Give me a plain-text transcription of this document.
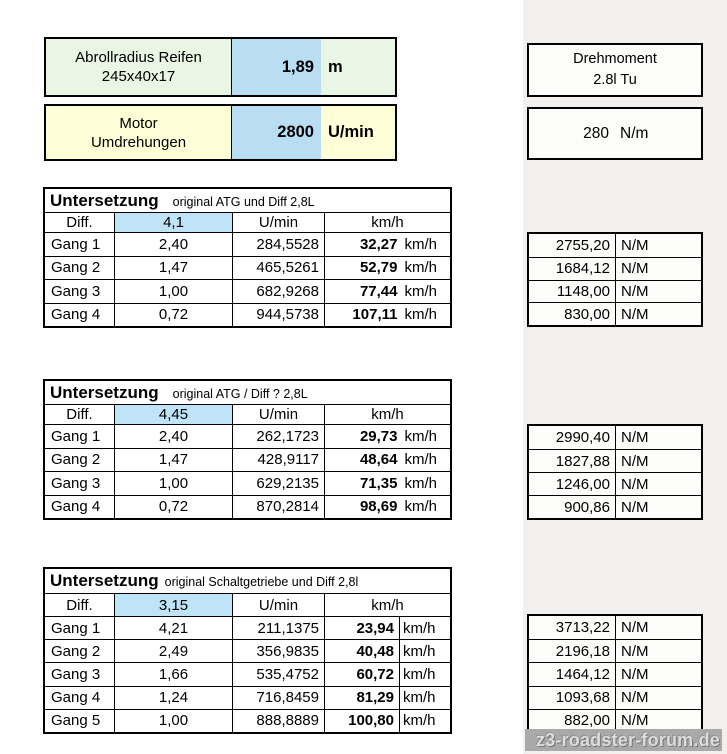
Abrollradius Reifen
245x40x17
1,89 m
Motor
Umdrehungen
2800 U/min
Drehmoment
2.8l Tu
280 N/m
Untersetzung original ATG und Diff 2,8L
Diff.	4,1	U/min	km/h
Gang 1	2,40	284,5528	32,27 km/h
Gang 2	1,47	465,5261	52,79 km/h
Gang 3	1,00	682,9268	77,44 km/h
Gang 4	0,72	944,5738	107,11 km/h
2755,20 N/M
1684,12 N/M
1148,00 N/M
830,00 N/M
Untersetzung original ATG / Diff ? 2,8L
Diff.	4,45	U/min	km/h
Gang 1	2,40	262,1723	29,73 km/h
Gang 2	1,47	428,9117	48,64 km/h
Gang 3	1,00	629,2135	71,35 km/h
Gang 4	0,72	870,2814	98,69 km/h
2990,40 N/M
1827,88 N/M
1246,00 N/M
900,86 N/M
Untersetzung original Schaltgetriebe und Diff 2,8l
Diff.	3,15	U/min	km/h
Gang 1	4,21	211,1375	23,94 km/h
Gang 2	2,49	356,9835	40,48 km/h
Gang 3	1,66	535,4752	60,72 km/h
Gang 4	1,24	716,8459	81,29 km/h
Gang 5	1,00	888,8889	100,80 km/h
3713,22 N/M
2196,18 N/M
1464,12 N/M
1093,68 N/M
882,00 N/M
z3-roadster-forum.de
